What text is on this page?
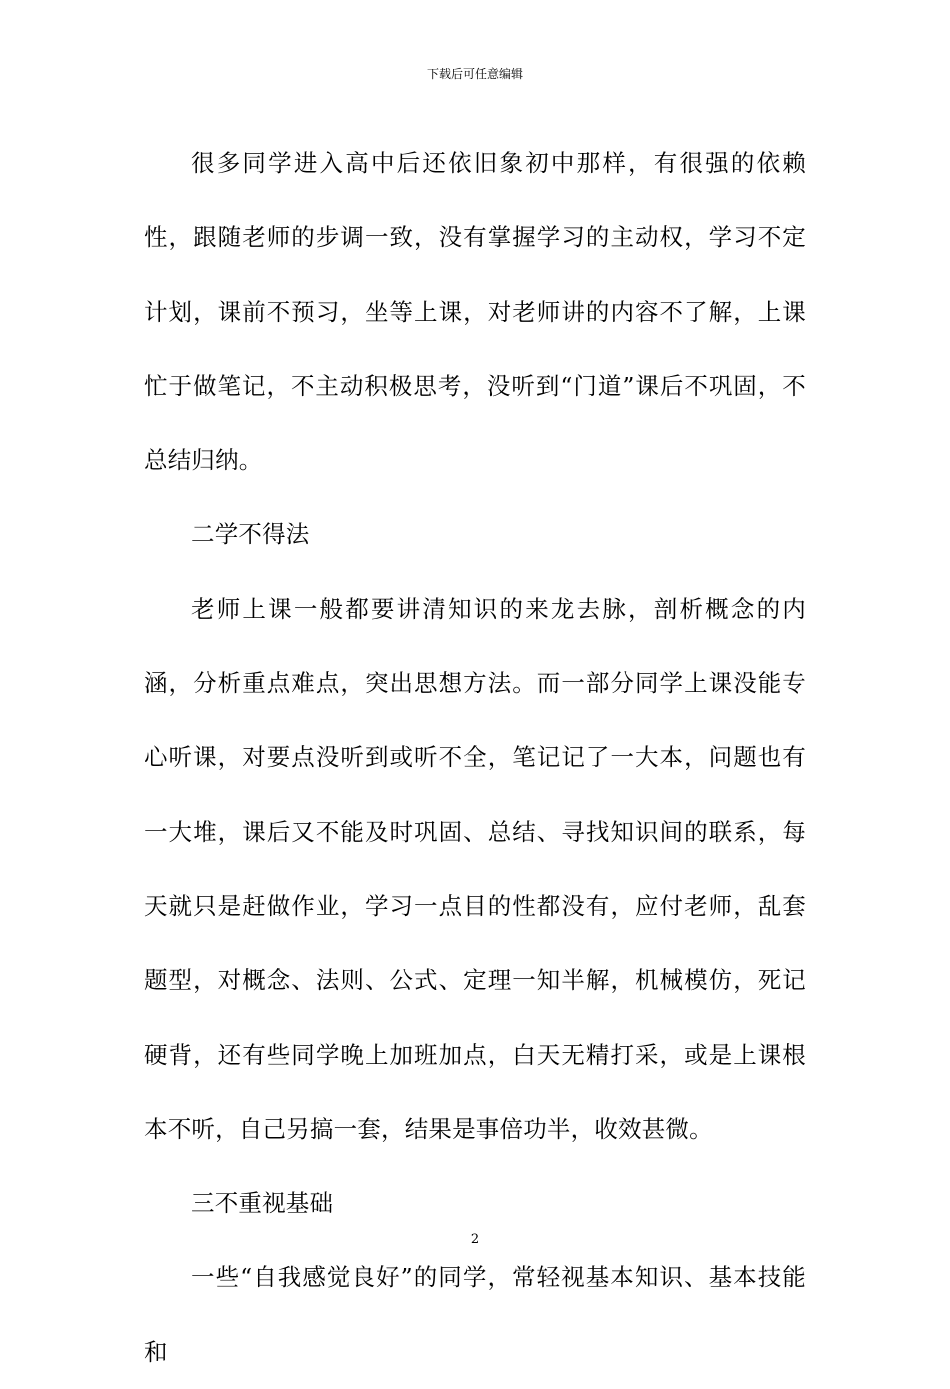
下载后可任意编辑

很多同学进入高中后还依旧象初中那样，有很强的依赖性，跟随老师的步调一致，没有掌握学习的主动权，学习不定计划，课前不预习，坐等上课，对老师讲的内容不了解，上课忙于做笔记，不主动积极思考，没听到“门道”课后不巩固，不总结归纳。

二学不得法

老师上课一般都要讲清知识的来龙去脉，剖析概念的内涵，分析重点难点，突出思想方法。而一部分同学上课没能专心听课，对要点没听到或听不全，笔记记了一大本，问题也有一大堆，课后又不能及时巩固、总结、寻找知识间的联系，每天就只是赶做作业，学习一点目的性都没有，应付老师，乱套题型，对概念、法则、公式、定理一知半解，机械模仿，死记硬背，还有些同学晚上加班加点，白天无精打采，或是上课根本不听，自己另搞一套，结果是事倍功半，收效甚微。

三不重视基础

一些“自我感觉良好”的同学，常轻视基本知识、基本技能和

2
